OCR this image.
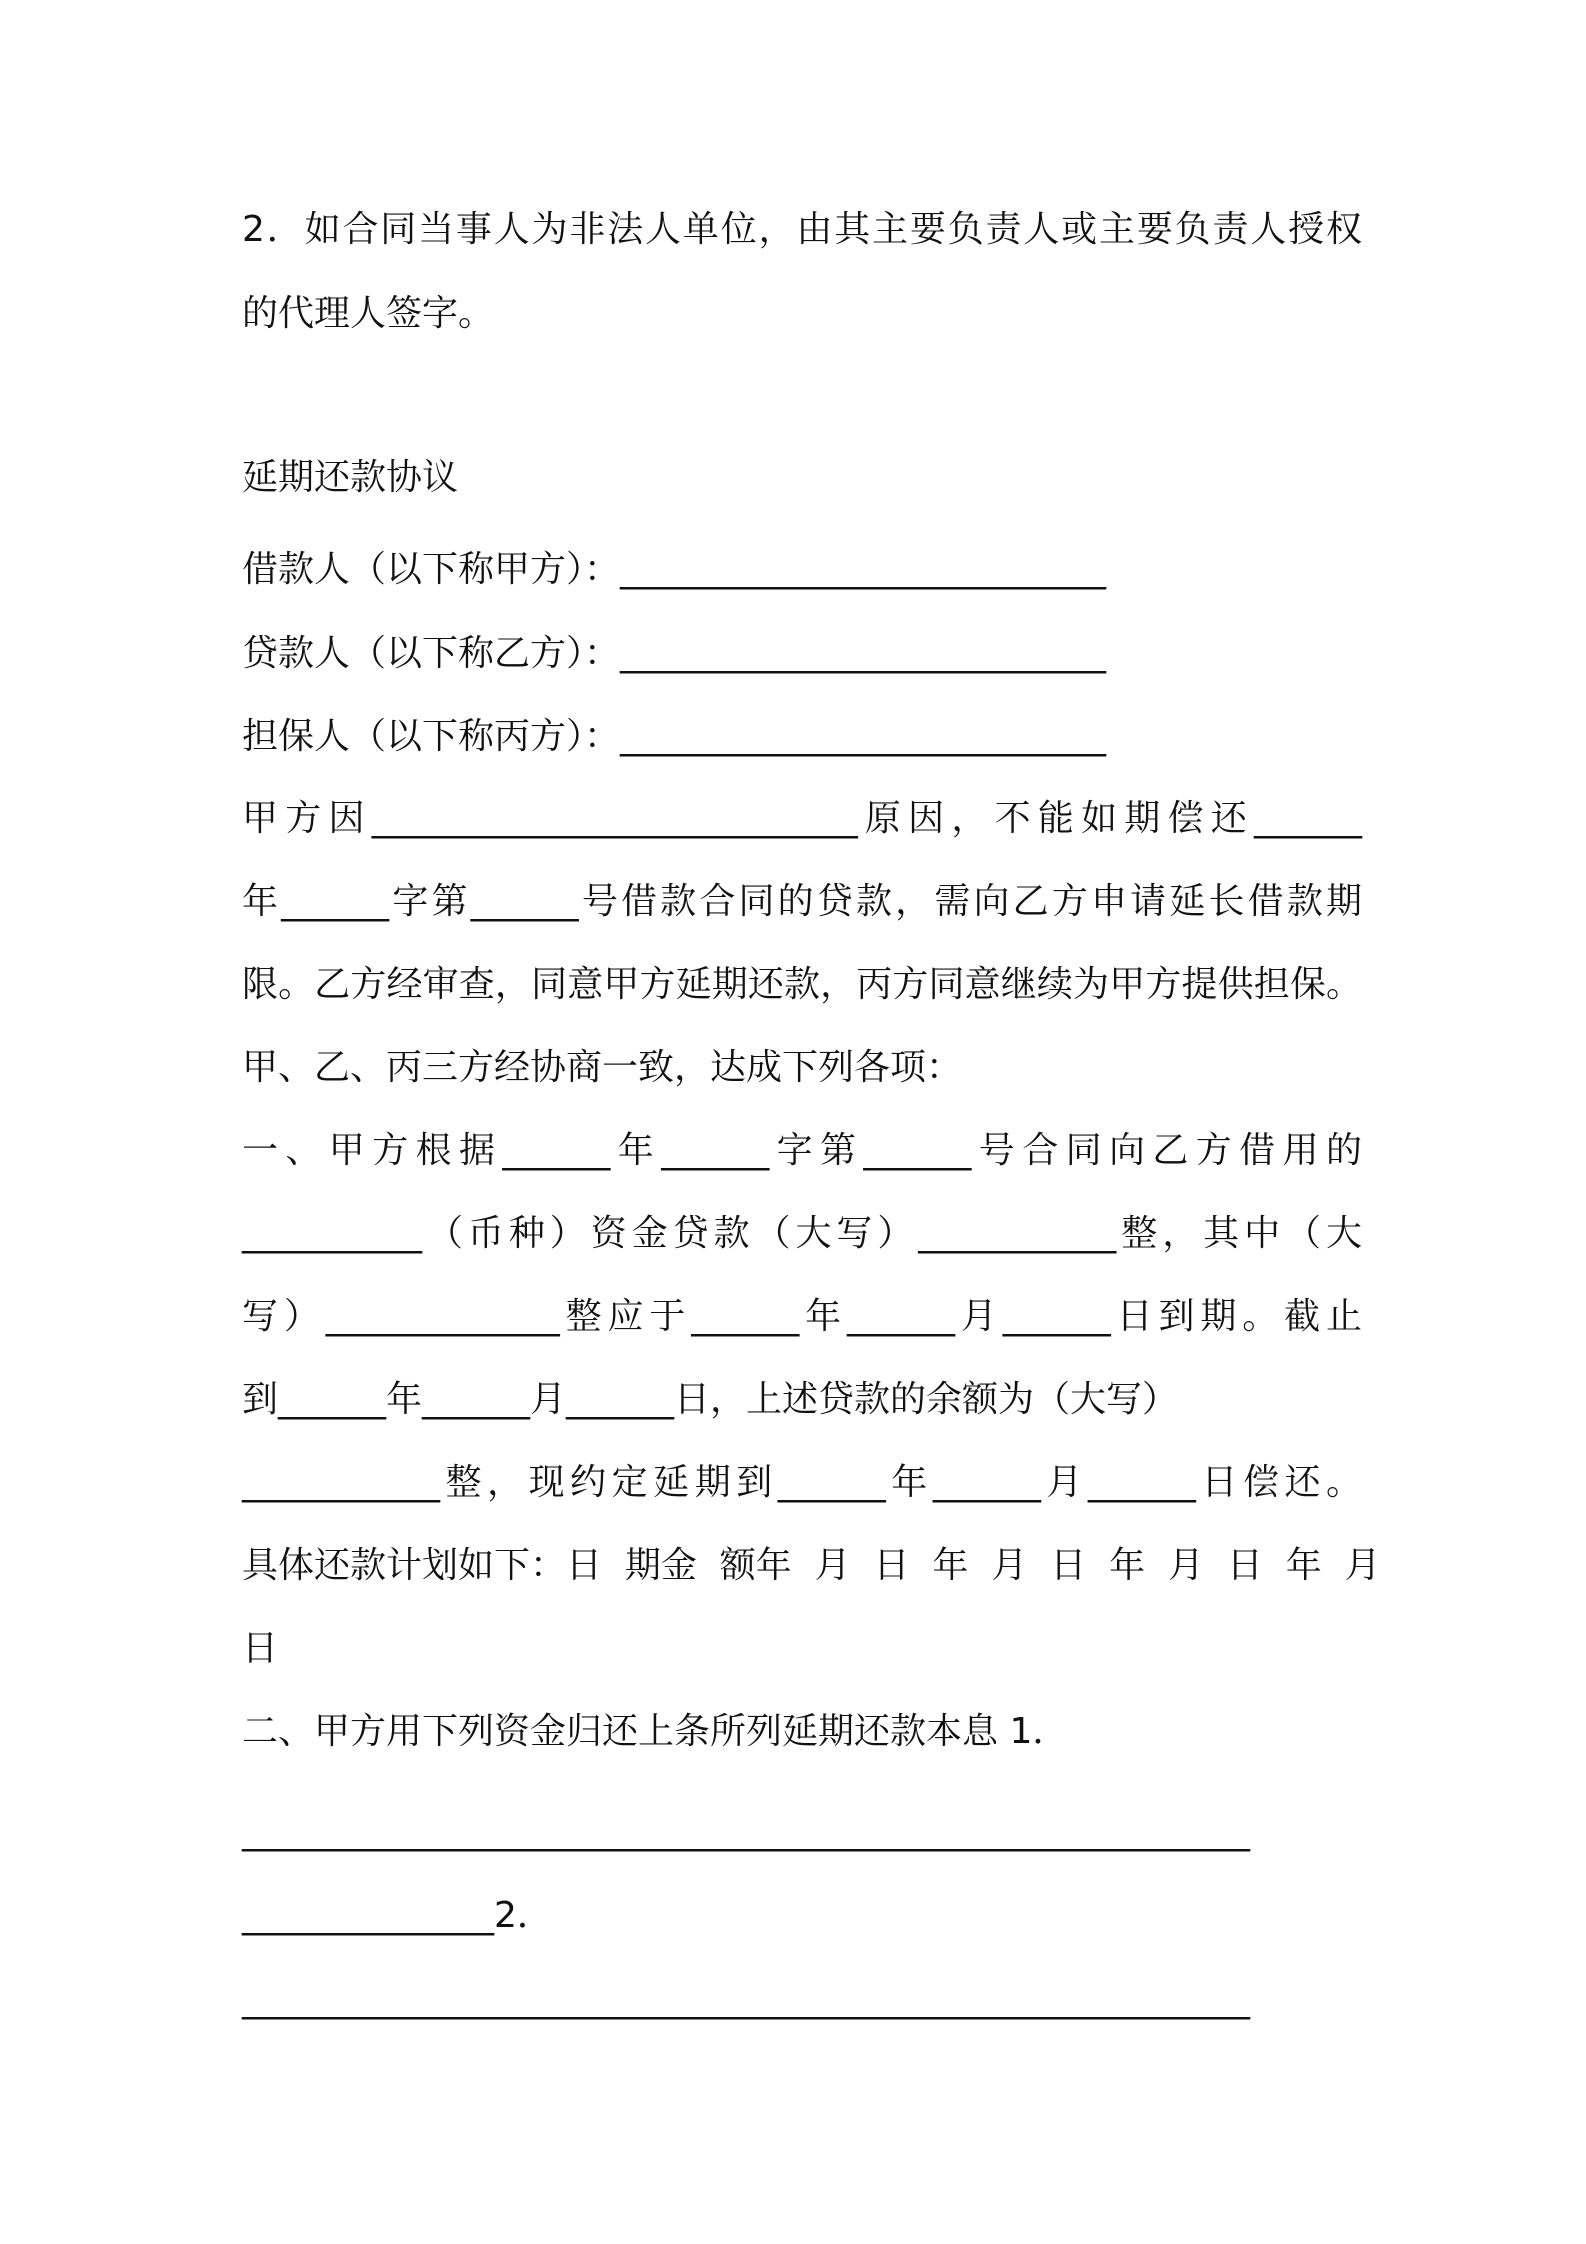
2．如合同当事人为非法人单位，由其主要负责人或主要负责人授权

的代理人签字。

延期还款协议

借款人（以下称甲方）：___________________________

贷款人（以下称乙方）：___________________________

担保人（以下称丙方）：___________________________

甲方因___________________________原因，不能如期偿还______

年______字第______号借款合同的贷款，需向乙方申请延长借款期

限。乙方经审查，同意甲方延期还款，丙方同意继续为甲方提供担保。

甲、乙、丙三方经协商一致，达成下列各项：

一、甲方根据______年______字第______号合同向乙方借用的

__________（币种）资金贷款（大写）___________整，其中（大

写）_____________整应于______年______月______日到期。截止

到______年______月______日，上述贷款的余额为（大写）

___________整，现约定延期到______年______月______日偿还。

具体还款计划如下：日  期金  额年  月  日  年  月  日  年  月  日  年  月

日

二、甲方用下列资金归还上条所列延期还款本息 1．

________________________________________________________

______________2．

________________________________________________________
